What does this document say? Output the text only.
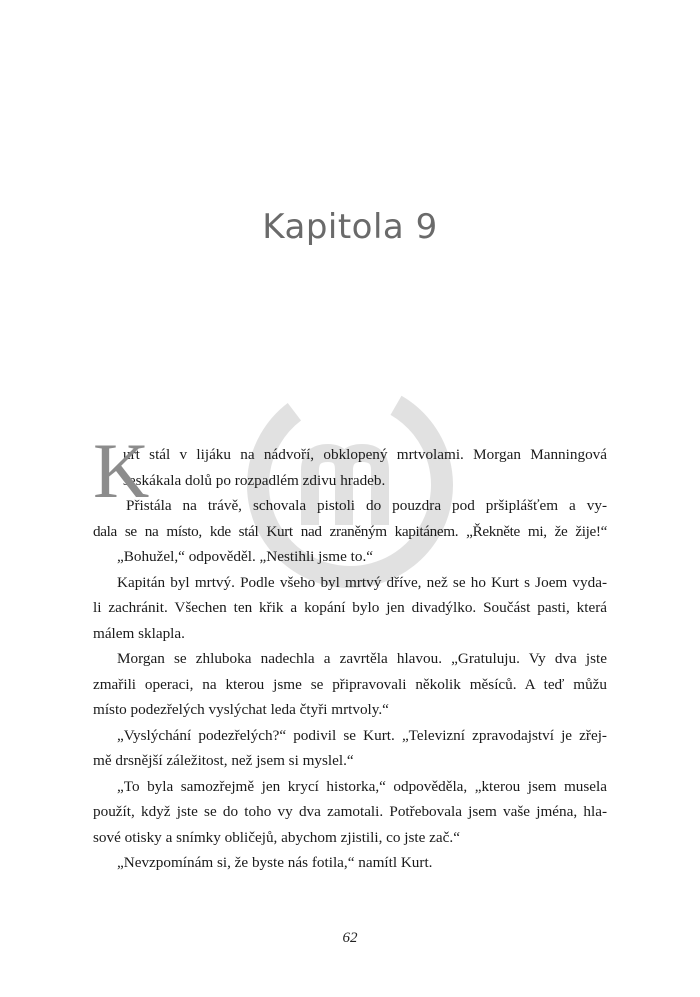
Kapitola 9
K
urt stál v lijáku na nádvoří, obklopený mrtvolami. Morgan Manningová
seskákala dolů po rozpadlém zdivu hradeb.
Přistála na trávě, schovala pistoli do pouzdra pod pršiplášťem a vy-
dala se na místo, kde stál Kurt nad zraněným kapitánem. „Řekněte mi, že žije!“
„Bohužel,“ odpověděl. „Nestihli jsme to.“
Kapitán byl mrtvý. Podle všeho byl mrtvý dříve, než se ho Kurt s Joem vyda-
li zachránit. Všechen ten křik a kopání bylo jen divadýlko. Součást pasti, která
málem sklapla.
Morgan se zhluboka nadechla a zavrtěla hlavou. „Gratuluju. Vy dva jste
zmařili operaci, na kterou jsme se připravovali několik měsíců. A teď můžu
místo podezřelých vyslýchat leda čtyři mrtvoly.“
„Vyslýchání podezřelých?“ podivil se Kurt. „Televizní zpravodajství je zřej-
mě drsnější záležitost, než jsem si myslel.“
„To byla samozřejmě jen krycí historka,“ odpověděla, „kterou jsem musela
použít, když jste se do toho vy dva zamotali. Potřebovala jsem vaše jména, hla-
sové otisky a snímky obličejů, abychom zjistili, co jste zač.“
„Nevzpomínám si, že byste nás fotila,“ namítl Kurt.
62
